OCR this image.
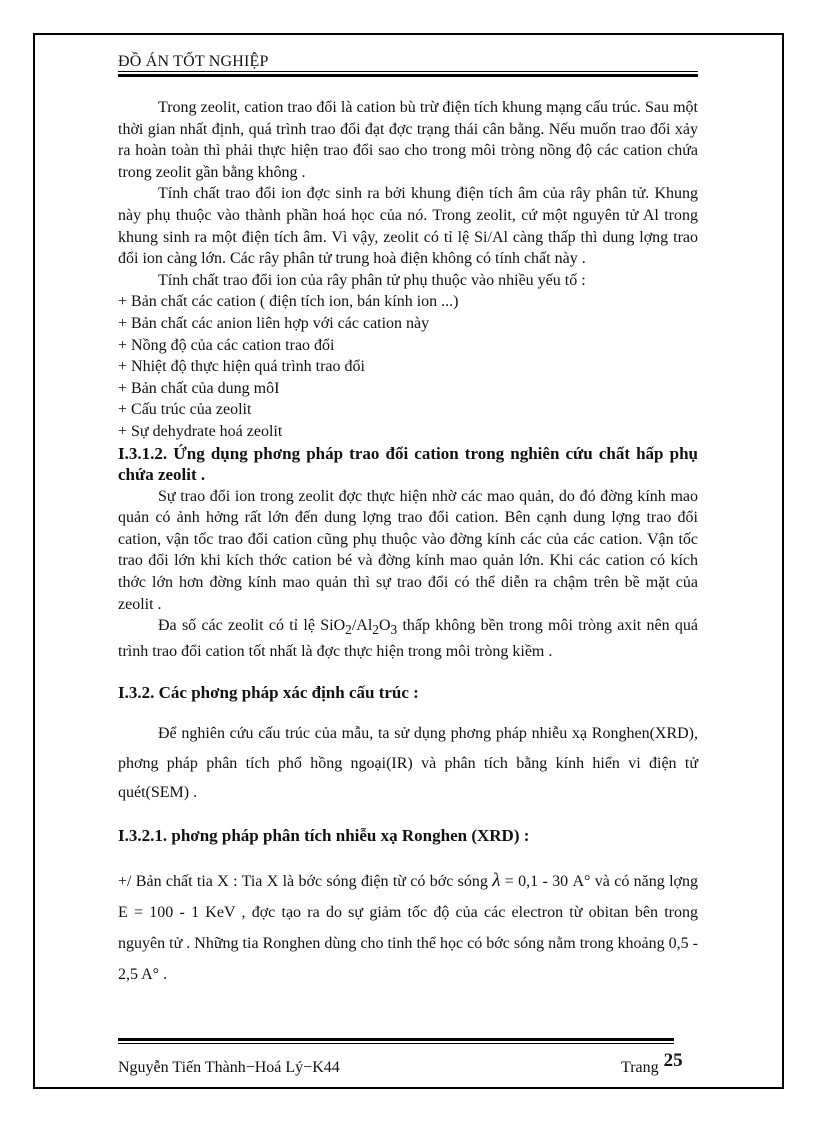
ĐỒ ÁN TỐT NGHIỆP

Trong zeolit, cation trao đổi là cation bù trừ điện tích khung mạng cấu trúc. Sau một thời gian nhất định, quá trình trao đổi đạt đợc trạng thái cân bằng. Nếu muốn trao đổi xảy ra hoàn toàn thì phải thực hiện trao đổi sao cho trong môi tròng nồng độ các cation chứa trong zeolit gần bằng không .

Tính chất trao đổi ion đợc sinh ra bởi khung điện tích âm của rây phân tử. Khung này phụ thuộc vào thành phần hoá học của nó. Trong zeolit, cứ một nguyên tử Al trong khung sinh ra một điện tích âm. Vì vậy, zeolit có tỉ lệ Si/Al càng thấp thì dung lợng trao đổi ion càng lớn. Các rây phân tử trung hoà điện không có tính chất này .

Tính chất trao đổi ion của rây phân tử phụ thuộc vào nhiều yếu tố :

+ Bản chất các cation ( điện tích ion, bán kính ion ...)

+ Bản chất các anion liên hợp với các cation này

+ Nồng độ của các cation trao đổi

+ Nhiệt độ thực hiện quá trình trao đổi

+ Bản chất của dung môI

+ Cấu trúc của zeolit

+ Sự dehydrate hoá zeolit

I.3.1.2. Ứng dụng phơng pháp trao đổi cation trong nghiên cứu chất hấp phụ chứa zeolit .

Sự trao đổi ion trong zeolit đợc thực hiện nhờ các mao quản, do đó đờng kính mao quản có ảnh hởng rất lớn đến dung lợng trao đổi cation. Bên cạnh dung lợng trao đổi cation, vận tốc trao đổi cation cũng phụ thuộc vào đờng kính các của các cation. Vận tốc trao đổi lớn khi kích thớc cation bé và đờng kính mao quản lớn. Khi các cation có kích thớc lớn hơn đờng kính mao quản thì sự trao đổi có thể diễn ra chậm trên bề mặt của zeolit .

Đa số các zeolit có tỉ lệ $SiO_2/Al_2O_3$ thấp không bền trong môi tròng axit nên quá trình trao đổi cation tốt nhất là đợc thực hiện trong môi tròng kiềm .

I.3.2. Các phơng pháp xác định cấu trúc :

Để nghiên cứu cấu trúc của mẫu, ta sử dụng phơng pháp nhiễu xạ Ronghen(XRD), phơng pháp phân tích phổ hồng ngoại(IR) và phân tích bằng kính hiển vi điện tử quét(SEM) .

I.3.2.1. phơng pháp phân tích nhiễu xạ Ronghen (XRD) :

+/ Bản chất tia X : Tia X là bớc sóng điện từ có bớc sóng λ = 0,1 - 30 A° và có năng lợng E = 100 - 1 KeV , đợc tạo ra do sự giảm tốc độ của các electron từ obitan bên trong nguyên tử . Những tia Ronghen dùng cho tinh thể học có bớc sóng nằm trong khoảng 0,5 - 2,5 A° .

Nguyễn Tiến Thành−Hoá Lý−K44	Trang 25
